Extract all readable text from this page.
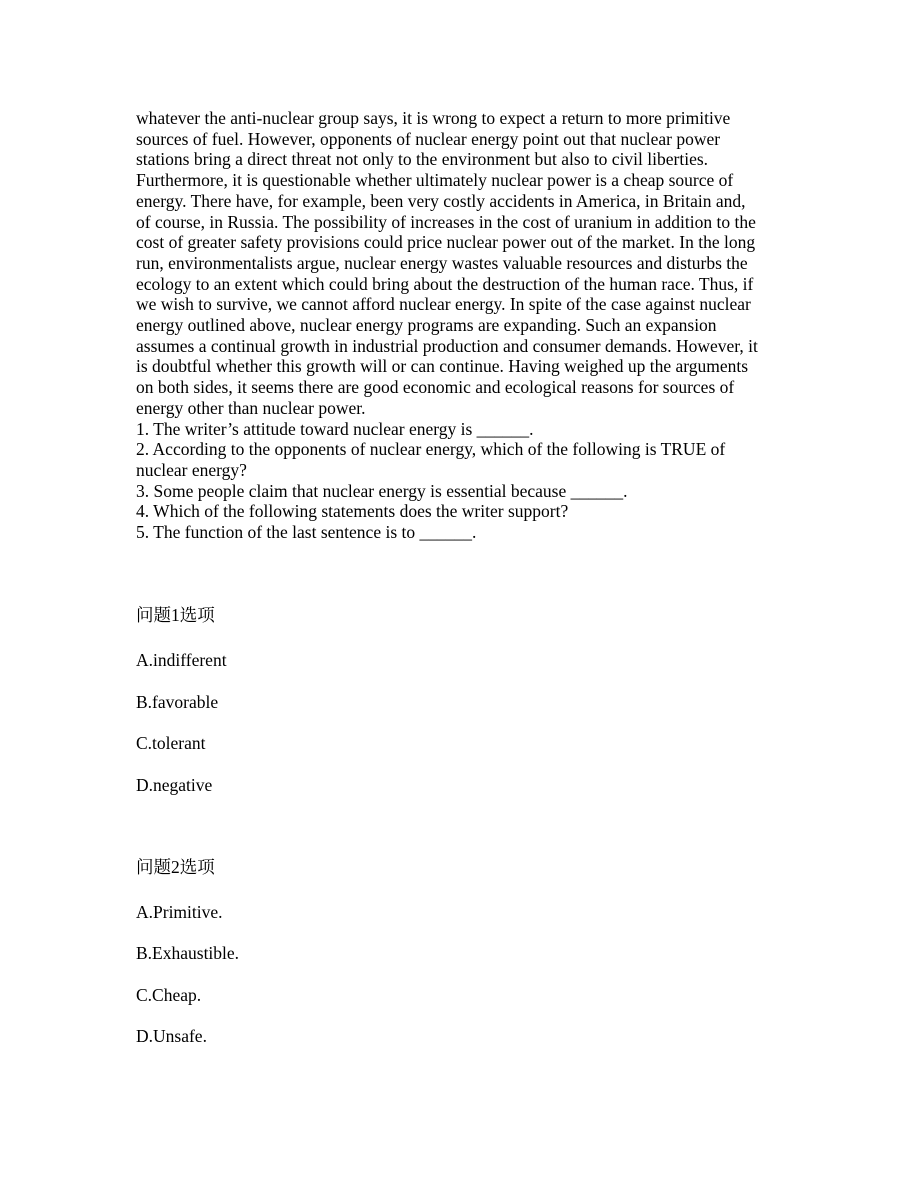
whatever the anti-nuclear group says, it is wrong to expect a return to more primitive

sources of fuel. However, opponents of nuclear energy point out that nuclear power

stations bring a direct threat not only to the environment but also to civil liberties.

Furthermore, it is questionable whether ultimately nuclear power is a cheap source of

energy. There have, for example, been very costly accidents in America, in Britain and,

of course, in Russia. The possibility of increases in the cost of uranium in addition to the

cost of greater safety provisions could price nuclear power out of the market. In the long

run, environmentalists argue, nuclear energy wastes valuable resources and disturbs the

ecology to an extent which could bring about the destruction of the human race. Thus, if

we wish to survive, we cannot afford nuclear energy. In spite of the case against nuclear

energy outlined above, nuclear energy programs are expanding. Such an expansion

assumes a continual growth in industrial production and consumer demands. However, it

is doubtful whether this growth will or can continue. Having weighed up the arguments

on both sides, it seems there are good economic and ecological reasons for sources of

energy other than nuclear power.

1. The writer’s attitude toward nuclear energy is ______.

2. According to the opponents of nuclear energy, which of the following is TRUE of

nuclear energy?

3. Some people claim that nuclear energy is essential because ______.

4. Which of the following statements does the writer support?

5. The function of the last sentence is to ______.

问题1选项

A.indifferent

B.favorable

C.tolerant

D.negative

问题2选项

A.Primitive.

B.Exhaustible.

C.Cheap.

D.Unsafe.
